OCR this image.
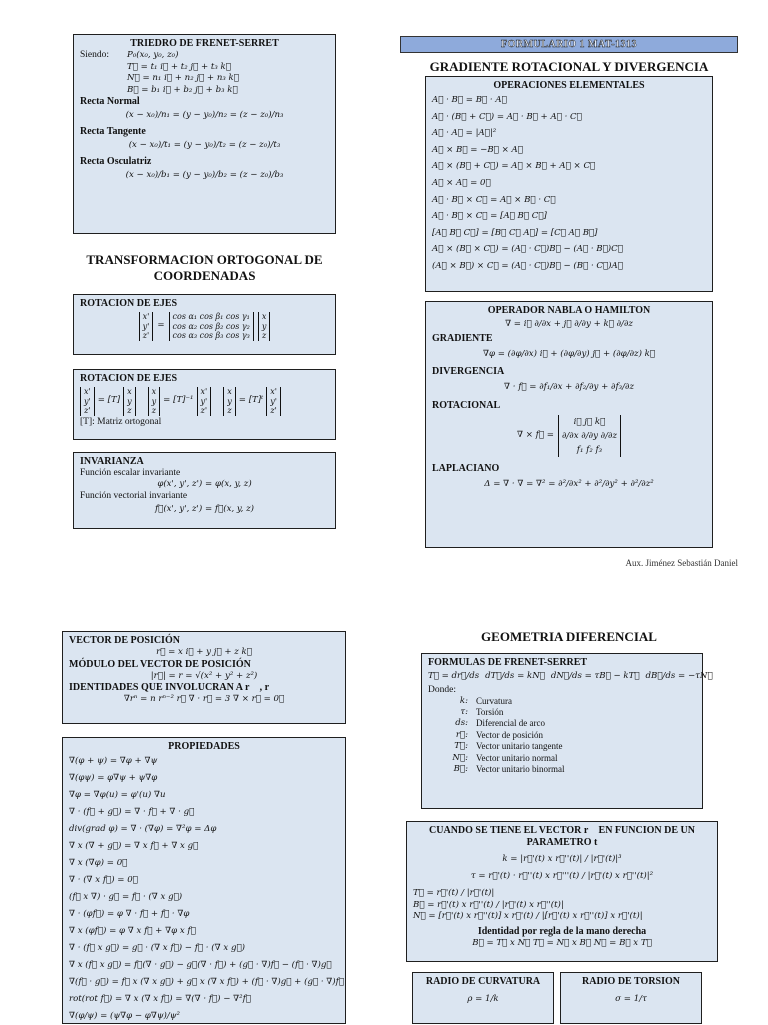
FORMULARIO 1 MAT-1313
Aux. Jiménez Sebastián Daniel
TRIEDRO DE FRENET-SERRET
Siendo: P₀(x₀, y₀, z₀)
T⃗ = t₁ i⃗ + t₂ j⃗ + t₃ k⃗
N⃗ = n₁ i⃗ + n₂ j⃗ + n₃ k⃗
B⃗ = b₁ i⃗ + b₂ j⃗ + b₃ k⃗
Recta Normal
(x − x₀)/n₁ = (y − y₀)/n₂ = (z − z₀)/n₃
Recta Tangente
(x − x₀)/t₁ = (y − y₀)/t₂ = (z − z₀)/t₃
Recta Osculatriz
(x − x₀)/b₁ = (y − y₀)/b₂ = (z − z₀)/b₃
TRANSFORMACION ORTOGONAL DE COORDENADAS
ROTACION DE EJES
x'
y'
z'
=
cos α₁ cos β₁ cos γ₁
cos α₂ cos β₂ cos γ₂
cos α₃ cos β₃ cos γ₃
x
y
z
ROTACION DE EJES
x'
y'
z'
= [T]
x
y
z
x
y
z
= [T]⁻¹
x'
y'
z'
x
y
z
= [T]ᵗ
x'
y'
z'
[T]: Matriz ortogonal
INVARIANZA
Función escalar invariante
φ(x', y', z') = φ(x, y, z)
Función vectorial invariante
f⃗(x', y', z') = f⃗(x, y, z)
GRADIENTE ROTACIONAL Y DIVERGENCIA
OPERACIONES ELEMENTALES
A⃗ · B⃗ = B⃗ · A⃗
A⃗ · (B⃗ + C⃗) = A⃗ · B⃗ + A⃗ · C⃗
A⃗ · A⃗ = |A⃗|²
A⃗ × B⃗ = −B⃗ × A⃗
A⃗ × (B⃗ + C⃗) = A⃗ × B⃗ + A⃗ × C⃗
A⃗ × A⃗ = 0⃗
A⃗ · B⃗ × C⃗ = A⃗ × B⃗ · C⃗
A⃗ · B⃗ × C⃗ = [A⃗ B⃗ C⃗]
[A⃗ B⃗ C⃗] = [B⃗ C⃗ A⃗] = [C⃗ A⃗ B⃗]
A⃗ × (B⃗ × C⃗) = (A⃗ · C⃗)B⃗ − (A⃗ · B⃗)C⃗
(A⃗ × B⃗) × C⃗ = (A⃗ · C⃗)B⃗ − (B⃗ · C⃗)A⃗
OPERADOR NABLA O HAMILTON
∇ = i⃗ ∂/∂x + j⃗ ∂/∂y + k⃗ ∂/∂z
GRADIENTE
∇φ = (∂φ/∂x) i⃗ + (∂φ/∂y) j⃗ + (∂φ/∂z) k⃗
DIVERGENCIA
∇ · f⃗ = ∂f₁/∂x + ∂f₂/∂y + ∂f₃/∂z
ROTACIONAL
∇ × f⃗ =
i⃗ j⃗ k⃗
∂/∂x ∂/∂y ∂/∂z
f₁ f₂ f₃
LAPLACIANO
Δ = ∇ · ∇ = ∇² = ∂²/∂x² + ∂²/∂y² + ∂²/∂z²
VECTOR DE POSICIÓN
r⃗ = x i⃗ + y j⃗ + z k⃗
MÓDULO DEL VECTOR DE POSICIÓN
|r⃗| = r = √(x² + y² + z²)
IDENTIDADES QUE INVOLUCRAN A r⃗ , r
∇rⁿ = n rⁿ⁻² r⃗ ∇ · r⃗ = 3 ∇ × r⃗ = 0⃗
PROPIEDADES
∇(φ + ψ) = ∇φ + ∇ψ
∇(φψ) = φ∇ψ + ψ∇φ
∇φ = ∇φ(u) = φ'(u) ∇u
∇ · (f⃗ + g⃗) = ∇ · f⃗ + ∇ · g⃗
div(grad φ) = ∇ · (∇φ) = ∇²φ = Δφ
∇ x (∇ + g⃗) = ∇ x f⃗ + ∇ x g⃗
∇ x (∇φ) = 0⃗
∇ · (∇ x f⃗) = 0⃗
(f⃗ x ∇) · g⃗ = f⃗ · (∇ x g⃗)
∇ · (φf⃗) = φ ∇ · f⃗ + f⃗ · ∇φ
∇ x (φf⃗) = φ ∇ x f⃗ + ∇φ x f⃗
∇ · (f⃗ x g⃗) = g⃗ · (∇ x f⃗) − f⃗ · (∇ x g⃗)
∇ x (f⃗ x g⃗) = f⃗(∇ · g⃗) − g⃗(∇ · f⃗) + (g⃗ · ∇)f⃗ − (f⃗ · ∇)g⃗
∇(f⃗ · g⃗) = f⃗ x (∇ x g⃗) + g⃗ x (∇ x f⃗) + (f⃗ · ∇)g⃗ + (g⃗ · ∇)f⃗
rot(rot f⃗) = ∇ x (∇ x f⃗) = ∇(∇ · f⃗) − ∇²f⃗
∇(φ/ψ) = (ψ∇φ − φ∇ψ)/ψ²
GEOMETRIA DIFERENCIAL
FORMULAS DE FRENET-SERRET
T⃗ = dr⃗/ds dT⃗/ds = kN⃗ dN⃗/ds = τB⃗ − kT⃗ dB⃗/ds = −τN⃗
Donde:
k: Curvatura
τ: Torsión
ds: Diferencial de arco
r⃗: Vector de posición
T⃗: Vector unitario tangente
N⃗: Vector unitario normal
B⃗: Vector unitario binormal
CUANDO SE TIENE EL VECTOR r⃗ EN FUNCION DE UN PARAMETRO t
k = |r⃗'(t) x r⃗''(t)| / |r⃗'(t)|³
τ = r⃗'(t) · r⃗''(t) x r⃗'''(t) / |r⃗'(t) x r⃗''(t)|²
T⃗ = r⃗'(t) / |r⃗'(t)|
B⃗ = r⃗'(t) x r⃗''(t) / |r⃗'(t) x r⃗''(t)|
N⃗ = [r⃗'(t) x r⃗''(t)] x r⃗'(t) / |[r⃗'(t) x r⃗''(t)] x r⃗'(t)|
Identidad por regla de la mano derecha
B⃗ = T⃗ x N⃗ T⃗ = N⃗ x B⃗ N⃗ = B⃗ x T⃗
RADIO DE CURVATURA
ρ = 1/k
RADIO DE TORSION
σ = 1/τ
